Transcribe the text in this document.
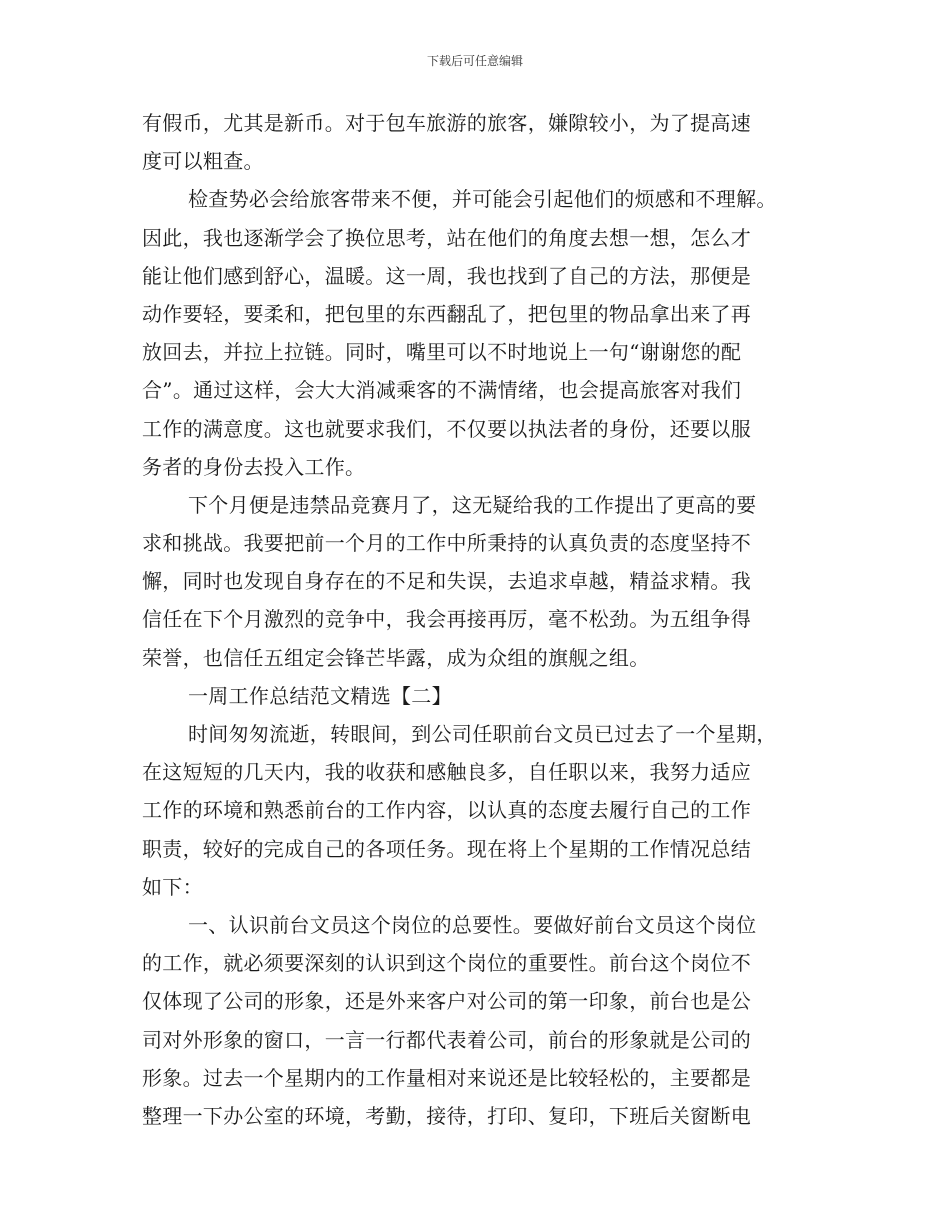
下载后可任意编辑
有假币，尤其是新币。对于包车旅游的旅客，嫌隙较小，为了提高速
度可以粗查。
检查势必会给旅客带来不便，并可能会引起他们的烦感和不理解。
因此，我也逐渐学会了换位思考，站在他们的角度去想一想，怎么才
能让他们感到舒心，温暖。这一周，我也找到了自己的方法，那便是
动作要轻，要柔和，把包里的东西翻乱了，把包里的物品拿出来了再
放回去，并拉上拉链。同时，嘴里可以不时地说上一句“谢谢您的配
合”。通过这样，会大大消减乘客的不满情绪，也会提高旅客对我们
工作的满意度。这也就要求我们，不仅要以执法者的身份，还要以服
务者的身份去投入工作。
下个月便是违禁品竞赛月了，这无疑给我的工作提出了更高的要
求和挑战。我要把前一个月的工作中所秉持的认真负责的态度坚持不
懈，同时也发现自身存在的不足和失误，去追求卓越，精益求精。我
信任在下个月激烈的竞争中，我会再接再厉，毫不松劲。为五组争得
荣誉，也信任五组定会锋芒毕露，成为众组的旗舰之组。
一周工作总结范文精选【二】
时间匆匆流逝，转眼间，到公司任职前台文员已过去了一个星期，
在这短短的几天内，我的收获和感触良多，自任职以来，我努力适应
工作的环境和熟悉前台的工作内容，以认真的态度去履行自己的工作
职责，较好的完成自己的各项任务。现在将上个星期的工作情况总结
如下：
一、认识前台文员这个岗位的总要性。要做好前台文员这个岗位
的工作，就必须要深刻的认识到这个岗位的重要性。前台这个岗位不
仅体现了公司的形象，还是外来客户对公司的第一印象，前台也是公
司对外形象的窗口，一言一行都代表着公司，前台的形象就是公司的
形象。过去一个星期内的工作量相对来说还是比较轻松的，主要都是
整理一下办公室的环境，考勤，接待，打印、复印，下班后关窗断电
